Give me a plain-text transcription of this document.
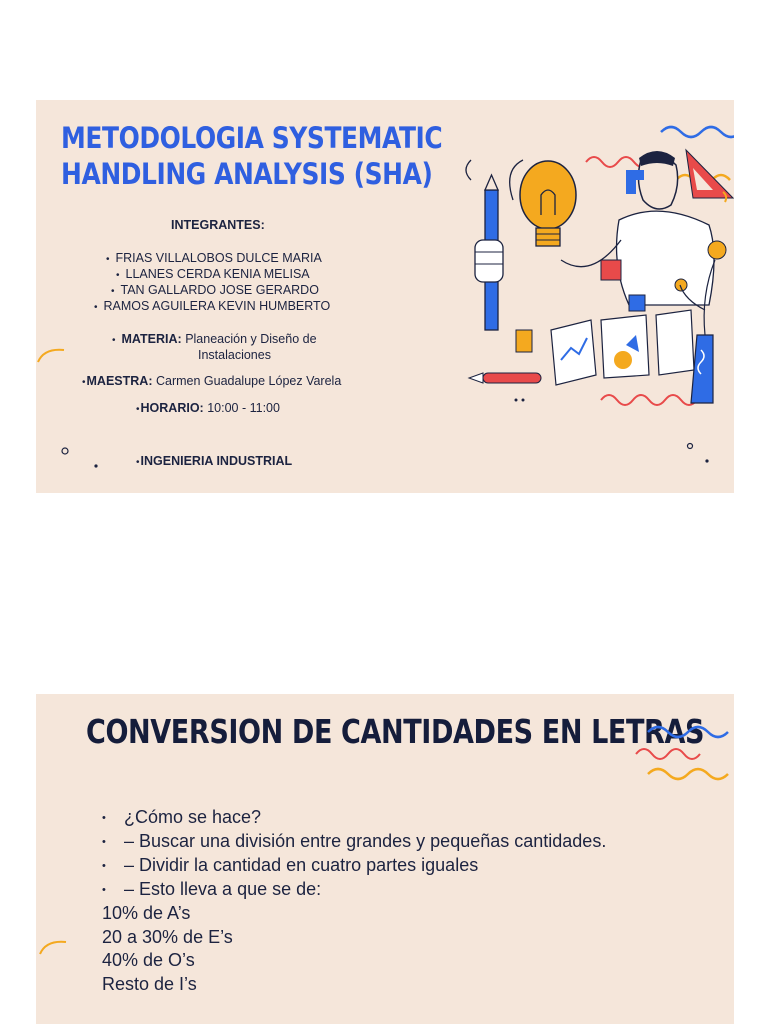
METODOLOGIA SYSTEMATIC
HANDLING ANALYSIS (SHA)
INTEGRANTES:
• FRIAS VILLALOBOS DULCE MARIA
• LLANES CERDA KENIA MELISA
• TAN GALLARDO JOSE GERARDO
• RAMOS AGUILERA KEVIN HUMBERTO
• MATERIA: Planeación y Diseño de
Instalaciones
• MAESTRA: Carmen Guadalupe López Varela
• HORARIO: 10:00 - 11:00
• INGENIERIA INDUSTRIAL
CONVERSION DE CANTIDADES EN LETRAS
• ¿Cómo se hace?
• – Buscar una división entre grandes y pequeñas cantidades.
• – Dividir la cantidad en cuatro partes iguales
• – Esto lleva a que se de:
10% de A’s
20 a 30% de E’s
40% de O’s
Resto de I’s
